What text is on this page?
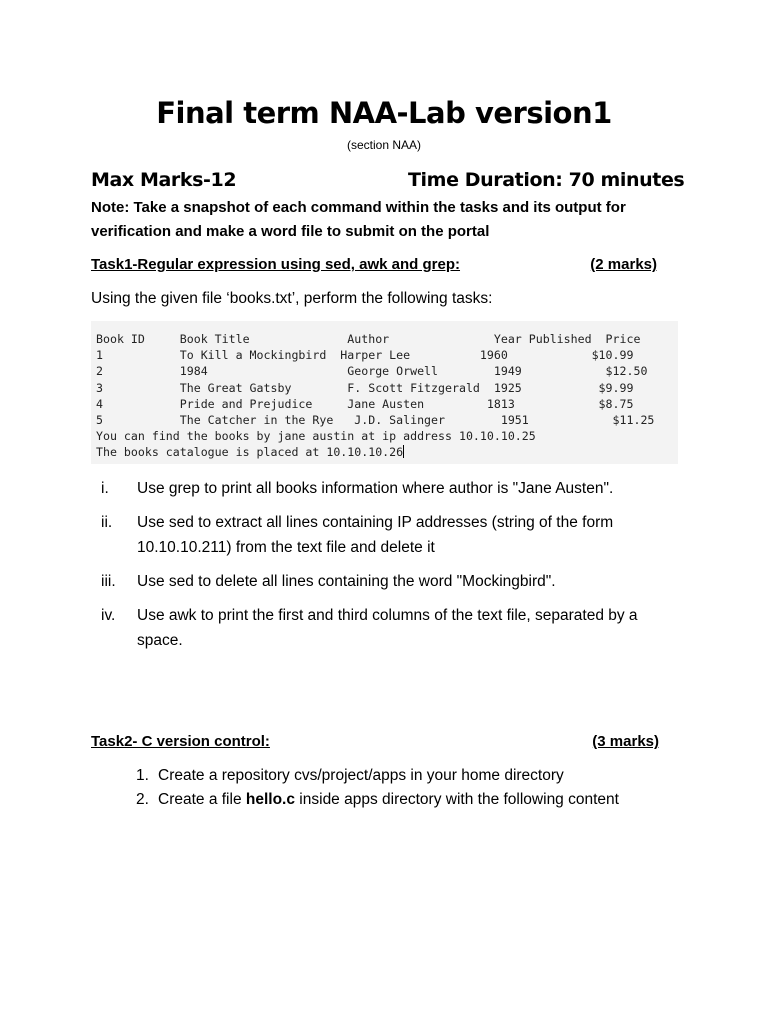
Final term NAA-Lab version1
(section NAA)
Max Marks-12	Time Duration: 70 minutes
Note: Take a snapshot of each command within the tasks and its output for verification and make a word file to submit on the portal
Task1-Regular expression using sed, awk and grep:	(2 marks)
Using the given file ‘books.txt’, perform the following tasks:
Book ID     Book Title              Author               Year Published  Price
1           To Kill a Mockingbird  Harper Lee          1960            $10.99
2           1984                    George Orwell        1949            $12.50
3           The Great Gatsby        F. Scott Fitzgerald  1925           $9.99
4           Pride and Prejudice     Jane Austen         1813            $8.75
5           The Catcher in the Rye   J.D. Salinger        1951            $11.25
You can find the books by jane austin at ip address 10.10.10.25
The books catalogue is placed at 10.10.10.26
i. Use grep to print all books information where author is "Jane Austen".
ii. Use sed to extract all lines containing IP addresses (string of the form 10.10.10.211) from the text file and delete it
iii. Use sed to delete all lines containing the word "Mockingbird".
iv. Use awk to print the first and third columns of the text file, separated by a space.
Task2- C version control:	(3 marks)
1. Create a repository cvs/project/apps in your home directory
2. Create a file hello.c inside apps directory with the following content
